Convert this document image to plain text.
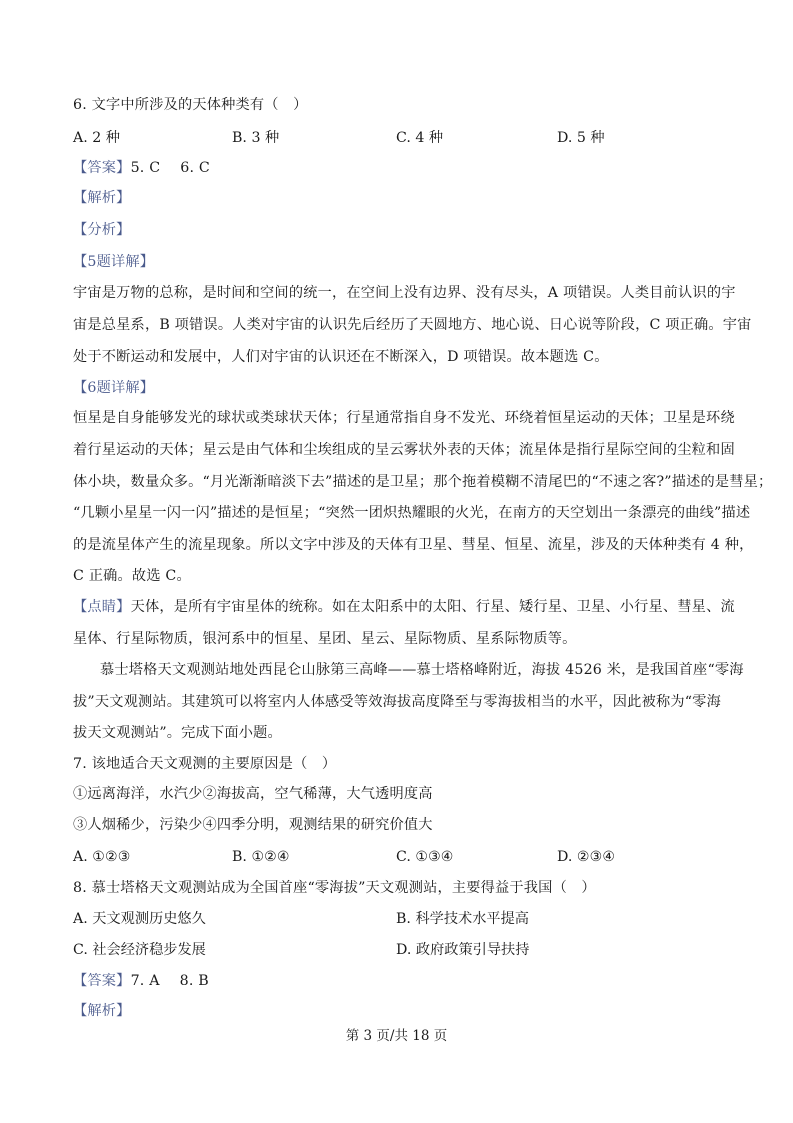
6. 文字中所涉及的天体种类有（　）
A. 2 种	B. 3 种	C. 4 种	D. 5 种
【答案】5. C 6. C
【解析】
【分析】
【5题详解】
宇宙是万物的总称，是时间和空间的统一，在空间上没有边界、没有尽头，A 项错误。人类目前认识的宇
宙是总星系，B 项错误。人类对宇宙的认识先后经历了天圆地方、地心说、日心说等阶段，C 项正确。宇宙
处于不断运动和发展中，人们对宇宙的认识还在不断深入，D 项错误。故本题选 C。
【6题详解】
恒星是自身能够发光的球状或类球状天体；行星通常指自身不发光、环绕着恒星运动的天体；卫星是环绕
着行星运动的天体；星云是由气体和尘埃组成的呈云雾状外表的天体；流星体是指行星际空间的尘粒和固
体小块，数量众多。“月光渐渐暗淡下去”描述的是卫星；那个拖着模糊不清尾巴的“不速之客?”描述的是彗星；
“几颗小星星一闪一闪”描述的是恒星；“突然一团炽热耀眼的火光，在南方的天空划出一条漂亮的曲线”描述
的是流星体产生的流星现象。所以文字中涉及的天体有卫星、彗星、恒星、流星，涉及的天体种类有 4 种，
C 正确。故选 C。
【点睛】天体，是所有宇宙星体的统称。如在太阳系中的太阳、行星、矮行星、卫星、小行星、彗星、流
星体、行星际物质，银河系中的恒星、星团、星云、星际物质、星系际物质等。
慕士塔格天文观测站地处西昆仑山脉第三高峰——慕士塔格峰附近，海拔 4526 米，是我国首座“零海
拔”天文观测站。其建筑可以将室内人体感受等效海拔高度降至与零海拔相当的水平，因此被称为“零海
拔天文观测站”。完成下面小题。
7. 该地适合天文观测的主要原因是（　）
①远离海洋，水汽少②海拔高，空气稀薄，大气透明度高
③人烟稀少，污染少④四季分明，观测结果的研究价值大
A. ①②③	B. ①②④	C. ①③④	D. ②③④
8. 慕士塔格天文观测站成为全国首座“零海拔”天文观测站，主要得益于我国（　）
A. 天文观测历史悠久	B. 科学技术水平提高
C. 社会经济稳步发展	D. 政府政策引导扶持
【答案】7. A 8. B
【解析】
第 3 页/共 18 页
